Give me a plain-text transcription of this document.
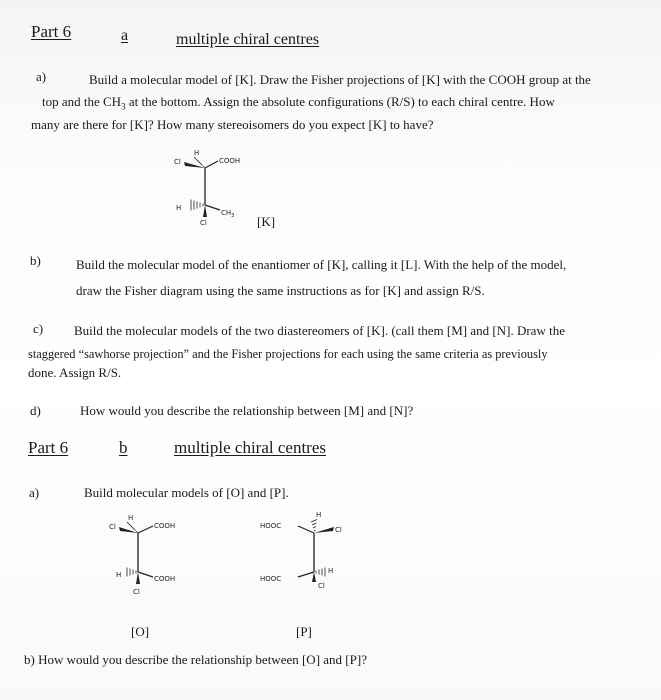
Part 6	a	multiple chiral centres
a)	Build a molecular model of [K]. Draw the Fisher projections of [K] with the COOH group at the
top and the $CH_3$ at the bottom. Assign the absolute configurations (R/S) to each chiral centre. How
many are there for [K]? How many stereoisomers do you expect [K] to have?
H
Cl	COOH
H
$CH_3$
Cl	[K]
b)	Build the molecular model of the enantiomer of [K], calling it [L]. With the help of the model,
draw the Fisher diagram using the same instructions as for [K] and assign R/S.
c) Build the molecular models of the two diastereomers of [K]. (call them [M] and [N]. Draw the
staggered “sawhorse projection” and the Fisher projections for each using the same criteria as previously
done. Assign R/S.
d)	How would you describe the relationship between [M] and [N]?
Part 6	b	multiple chiral centres
a)	Build molecular models of [O] and [P].
H
Cl	COOH
H	COOH
Cl
HOOC
H
Cl
HOOC
H
Cl
[O]	[P]
b) How would you describe the relationship between [O] and [P]?
